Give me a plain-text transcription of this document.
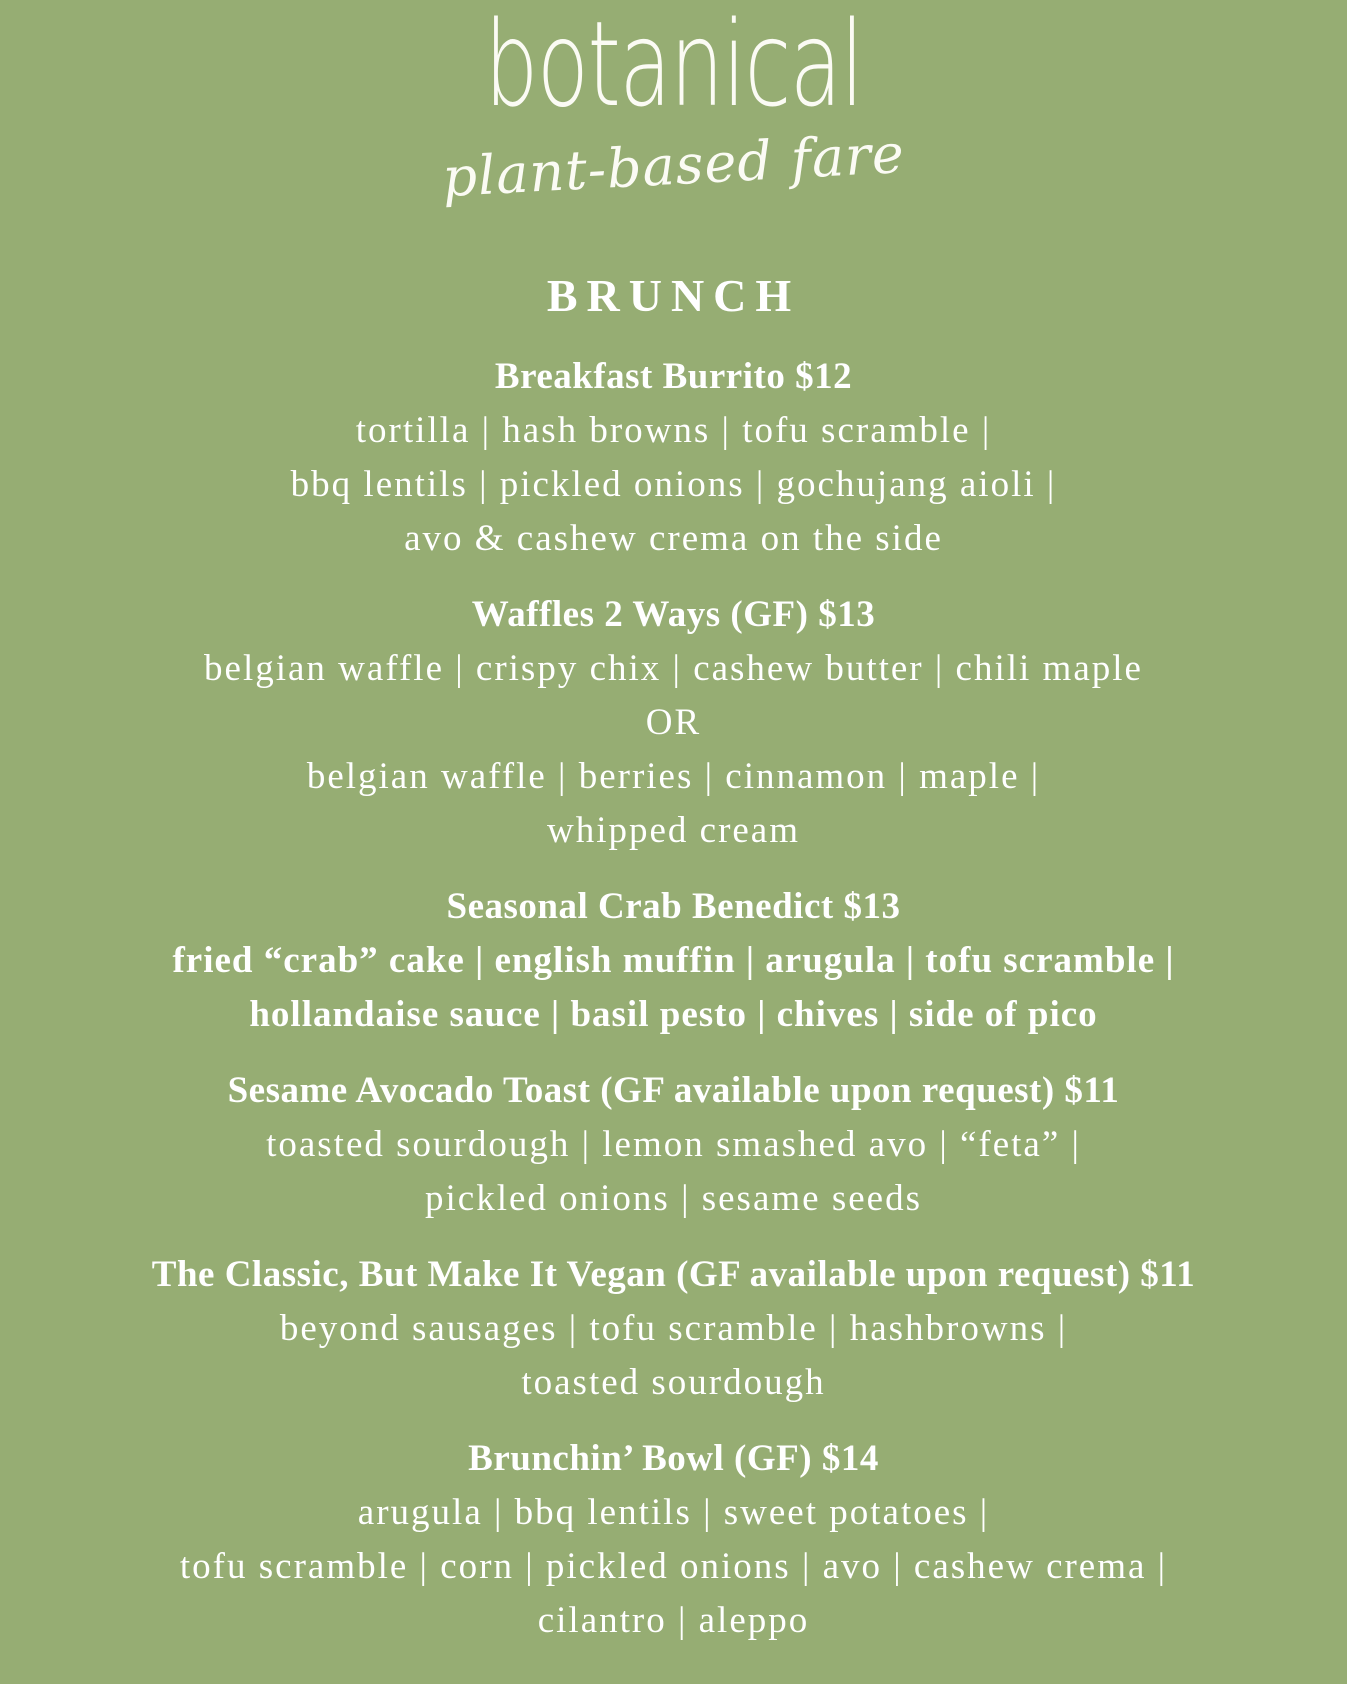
botanical
plant-based fare
BRUNCH
Breakfast Burrito $12
tortilla | hash browns | tofu scramble |
bbq lentils | pickled onions | gochujang aioli |
avo & cashew crema on the side
Waffles 2 Ways (GF) $13
belgian waffle | crispy chix | cashew butter | chili maple
OR
belgian waffle | berries | cinnamon | maple |
whipped cream
Seasonal Crab Benedict $13
fried “crab” cake | english muffin | arugula | tofu scramble |
hollandaise sauce | basil pesto | chives | side of pico
Sesame Avocado Toast (GF available upon request) $11
toasted sourdough | lemon smashed avo | “feta” |
pickled onions | sesame seeds
The Classic, But Make It Vegan (GF available upon request) $11
beyond sausages | tofu scramble | hashbrowns |
toasted sourdough
Brunchin’ Bowl (GF) $14
arugula | bbq lentils | sweet potatoes |
tofu scramble | corn | pickled onions | avo | cashew crema |
cilantro | aleppo
